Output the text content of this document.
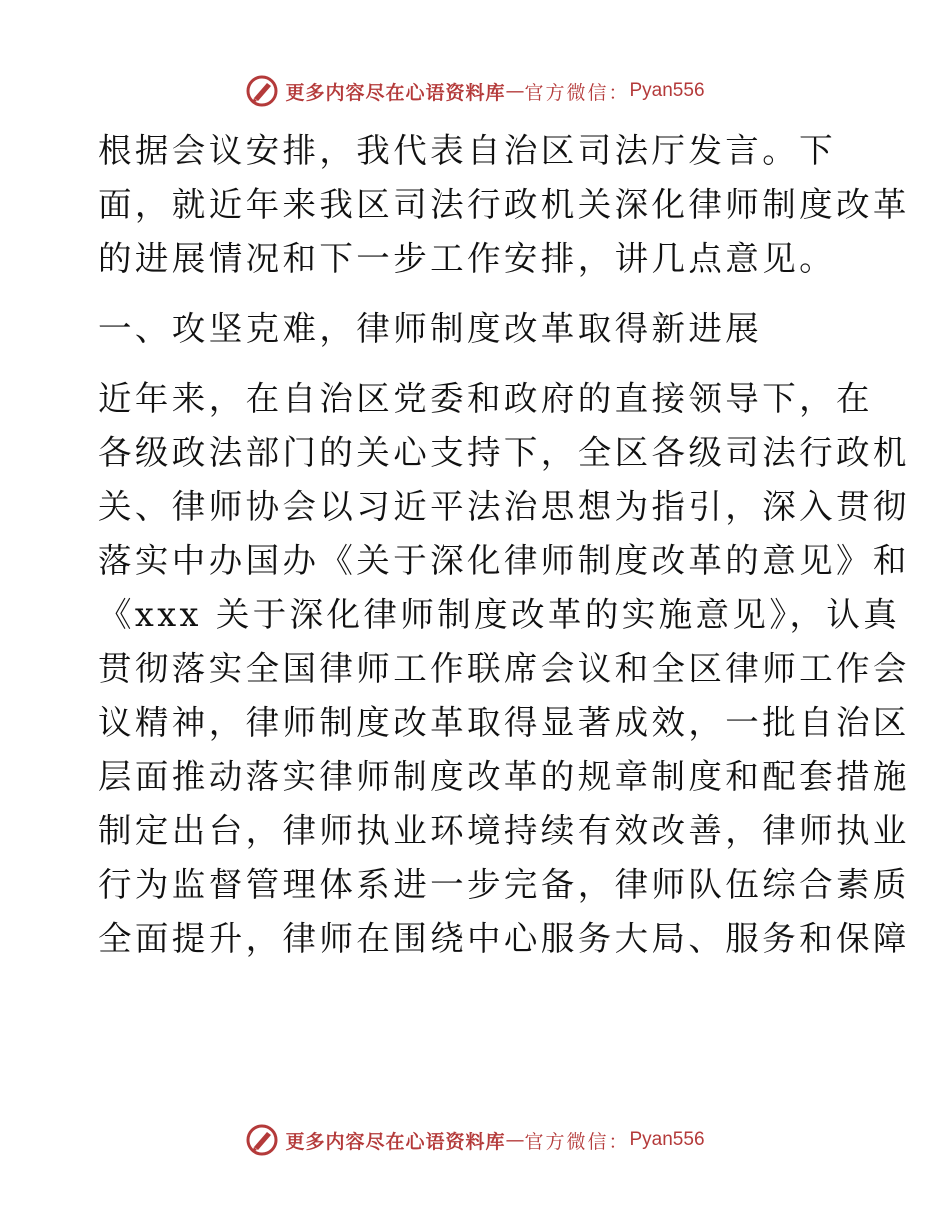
更多内容尽在心语资料库 — 官方微信： Pyan556

根据会议安排，我代表自治区司法厅发言。下
面，就近年来我区司法行政机关深化律师制度改革
的进展情况和下一步工作安排，讲几点意见。

一、攻坚克难，律师制度改革取得新进展

近年来，在自治区党委和政府的直接领导下，在
各级政法部门的关心支持下，全区各级司法行政机
关、律师协会以习近平法治思想为指引，深入贯彻
落实中办国办《关于深化律师制度改革的意见》和
《xxx 关于深化律师制度改革的实施意见》，认真
贯彻落实全国律师工作联席会议和全区律师工作会
议精神，律师制度改革取得显著成效，一批自治区
层面推动落实律师制度改革的规章制度和配套措施
制定出台，律师执业环境持续有效改善，律师执业
行为监督管理体系进一步完备，律师队伍综合素质
全面提升，律师在围绕中心服务大局、服务和保障

更多内容尽在心语资料库 — 官方微信： Pyan556
